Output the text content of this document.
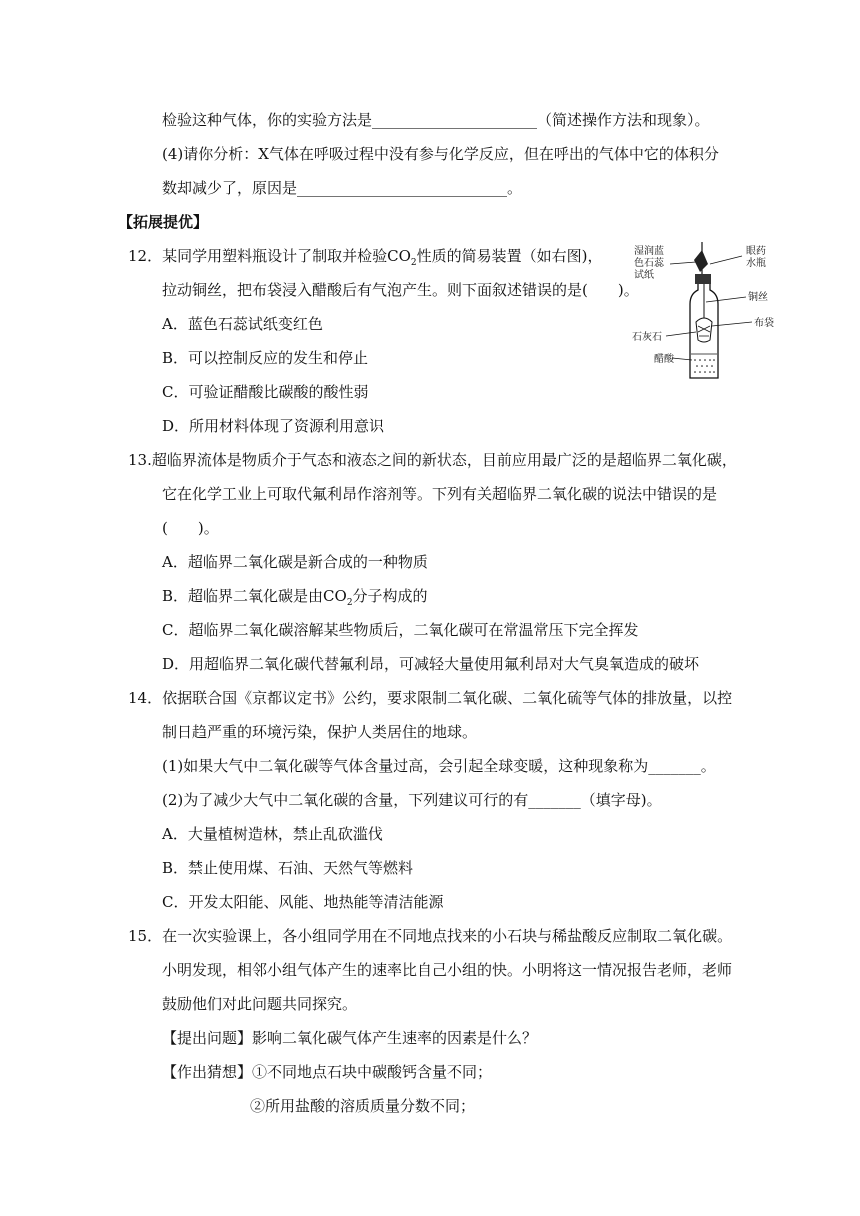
检验这种气体，你的实验方法是______________________（简述操作方法和现象）。
(4)请你分析：X气体在呼吸过程中没有参与化学反应，但在呼出的气体中它的体积分
数却减少了，原因是____________________________。
【拓展提优】
12．某同学用塑料瓶设计了制取并检验$CO_2$性质的简易装置（如右图)，
拉动铜丝，把布袋浸入醋酸后有气泡产生。则下面叙述错误的是(　　)。
A．蓝色石蕊试纸变红色
B．可以控制反应的发生和停止
C．可验证醋酸比碳酸的酸性弱
D．所用材料体现了资源利用意识
湿润蓝
色石蕊
试纸
眼药
水瓶
铜丝
布袋
石灰石
醋酸
13.超临界流体是物质介于气态和液态之间的新状态，目前应用最广泛的是超临界二氧化碳，
它在化学工业上可取代氟利昂作溶剂等。下列有关超临界二氧化碳的说法中错误的是
(　　)。
A．超临界二氧化碳是新合成的一种物质
B．超临界二氧化碳是由$CO_2$分子构成的
C．超临界二氧化碳溶解某些物质后，二氧化碳可在常温常压下完全挥发
D．用超临界二氧化碳代替氟利昂，可减轻大量使用氟利昂对大气臭氧造成的破坏
14．依据联合国《京都议定书》公约，要求限制二氧化碳、二氧化硫等气体的排放量，以控
制日趋严重的环境污染，保护人类居住的地球。
(1)如果大气中二氧化碳等气体含量过高，会引起全球变暖，这种现象称为_______。
(2)为了减少大气中二氧化碳的含量，下列建议可行的有_______（填字母)。
A．大量植树造林，禁止乱砍滥伐
B．禁止使用煤、石油、天然气等燃料
C．开发太阳能、风能、地热能等清洁能源
15．在一次实验课上，各小组同学用在不同地点找来的小石块与稀盐酸反应制取二氧化碳。
小明发现，相邻小组气体产生的速率比自己小组的快。小明将这一情况报告老师，老师
鼓励他们对此问题共同探究。
【提出问题】影响二氧化碳气体产生速率的因素是什么？
【作出猜想】①不同地点石块中碳酸钙含量不同；
②所用盐酸的溶质质量分数不同；
